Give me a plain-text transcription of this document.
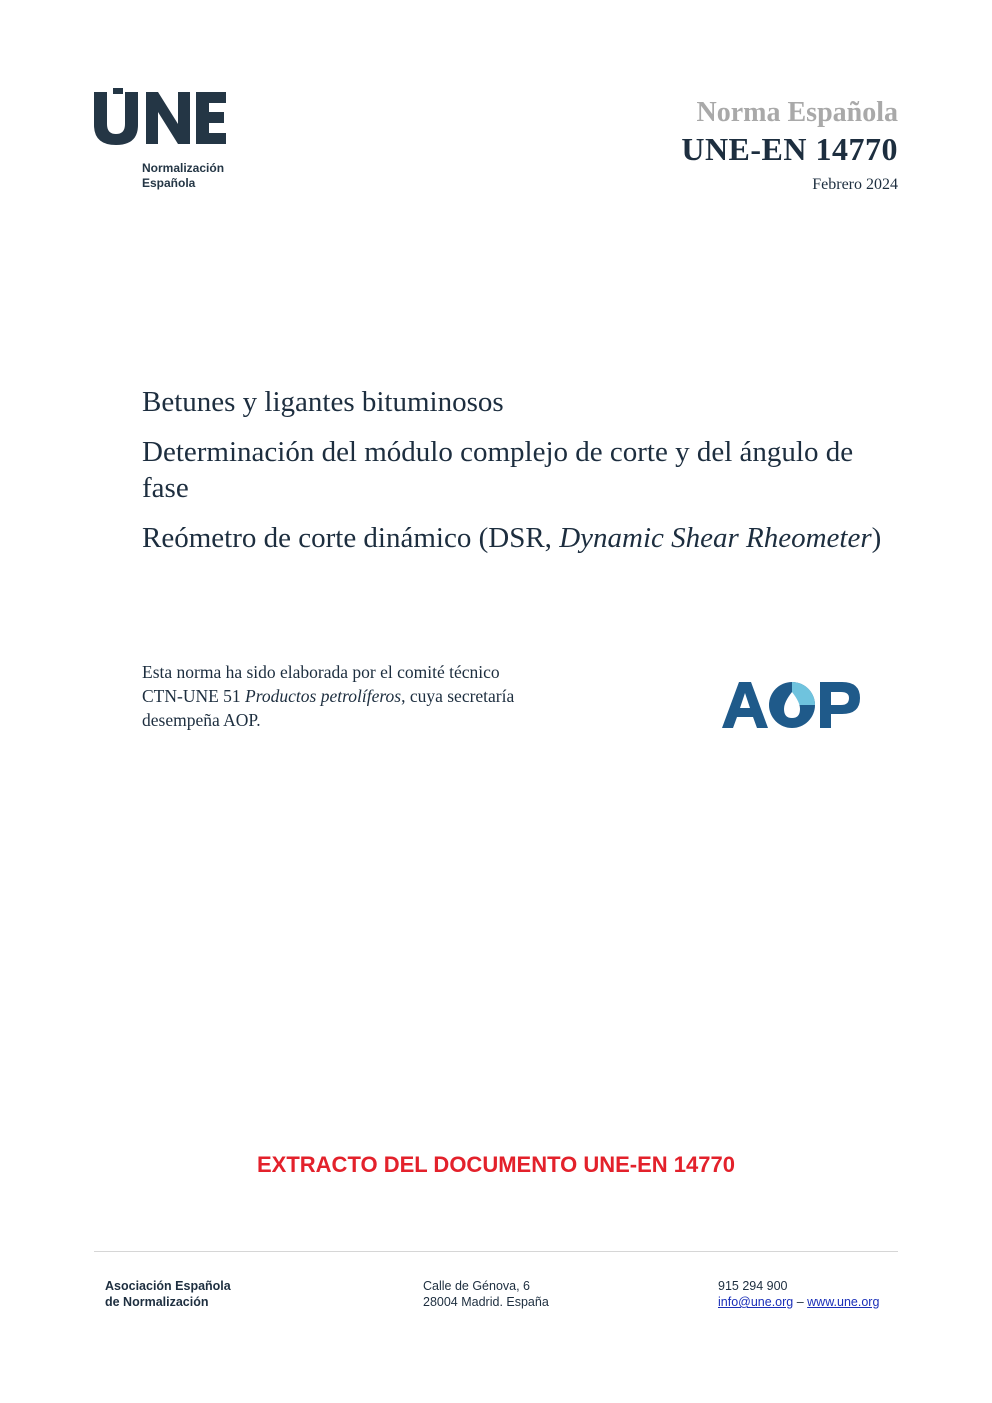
Normalización
Española
Norma Española
UNE-EN 14770
Febrero 2024

Betunes y ligantes bituminosos

Determinación del módulo complejo de corte y del ángulo de fase

Reómetro de corte dinámico (DSR, Dynamic Shear Rheometer)

Esta norma ha sido elaborada por el comité técnico
CTN-UNE 51 Productos petrolíferos, cuya secretaría
desempeña AOP.
EXTRACTO DEL DOCUMENTO UNE-EN 14770
Asociación Española
de Normalización
Calle de Génova, 6
28004 Madrid. España
915 294 900
info@une.org – www.une.org
